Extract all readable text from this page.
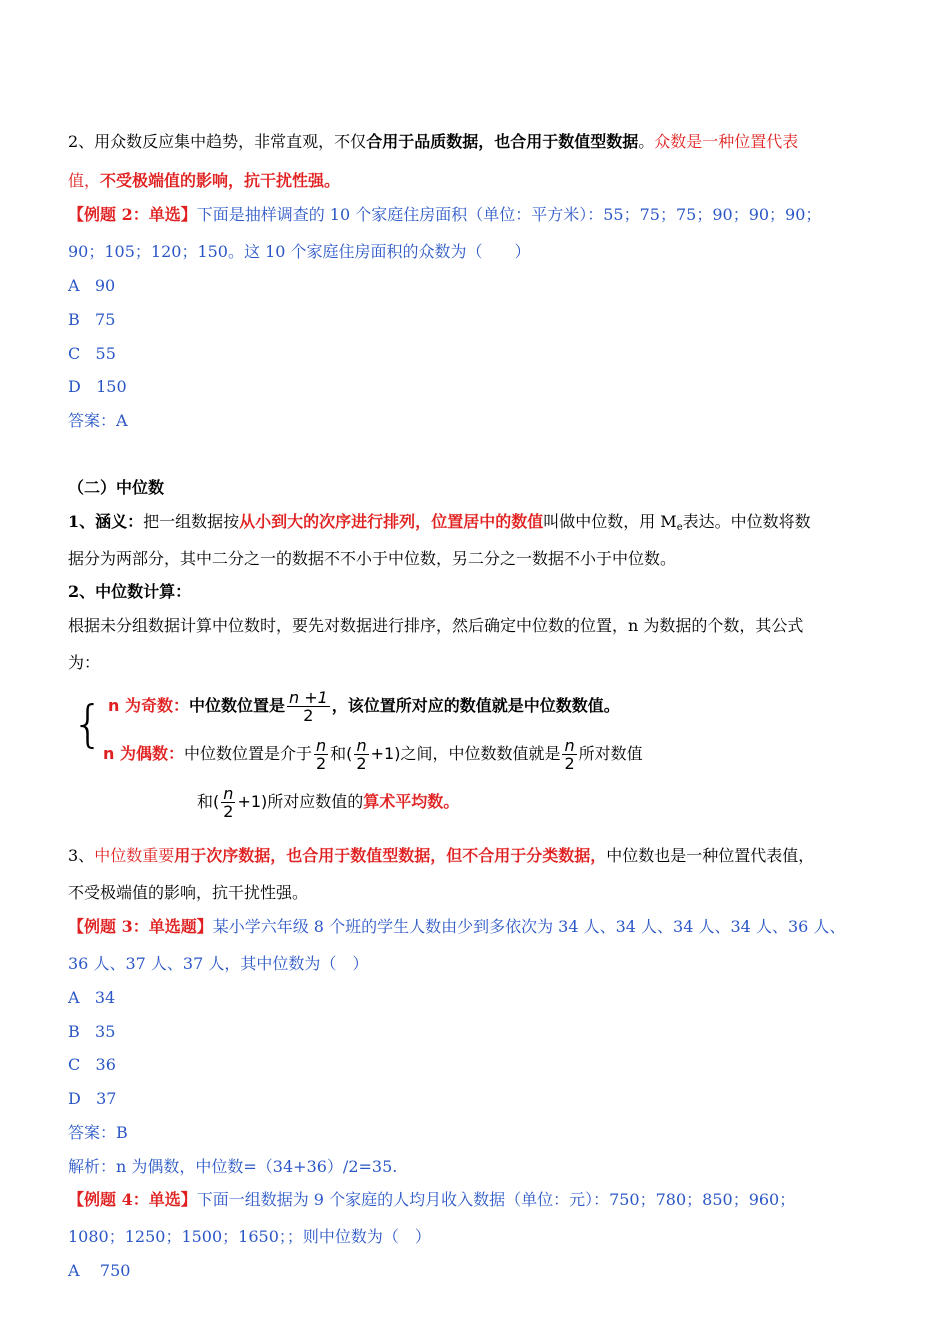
2、用众数反应集中趋势，非常直观，不仅合用于品质数据，也合用于数值型数据。众数是一种位置代表
值，不受极端值的影响，抗干扰性强。
【例题 2：单选】下面是抽样调查的 10 个家庭住房面积（单位：平方米）：55；75；75；90；90；90；
90；105；120；150。这 10 个家庭住房面积的众数为（　　）
A 90
B 75
C 55
D 150
答案：A
（二）中位数
1、涵义：把一组数据按从小到大的次序进行排列，位置居中的数值叫做中位数，用 $M_e$表达。中位数将数
据分为两部分，其中二分之一的数据不不小于中位数，另二分之一数据不小于中位数。
2、中位数计算：
根据未分组数据计算中位数时，要先对数据进行排序，然后确定中位数的位置，n 为数据的个数，其公式
为：
{ n 为奇数：中位数位置是 $\frac{n +1}{2}$ ，该位置所对应的数值就是中位数数值。
n 为偶数：中位数位置是介于 $\frac{n}{2}$ 和( $\frac{n}{2} +1$)之间，中位数数值就是 $\frac{n}{2}$ 所对数值
和( $\frac{n}{2} +1$)所对应数值的算术平均数。
3、中位数重要用于次序数据，也合用于数值型数据，但不合用于分类数据，中位数也是一种位置代表值，
不受极端值的影响，抗干扰性强。
【例题 3：单选题】某小学六年级 8 个班的学生人数由少到多依次为 34 人、34 人、34 人、34 人、36 人、
36 人、37 人、37 人，其中位数为（　）
A 34
B 35
C 36
D 37
答案：B
解析：n 为偶数，中位数=（34+36）/2=35.
【例题 4：单选】下面一组数据为 9 个家庭的人均月收入数据（单位：元）：750；780；850；960；
1080；1250；1500；1650；；则中位数为（　）
A 750
